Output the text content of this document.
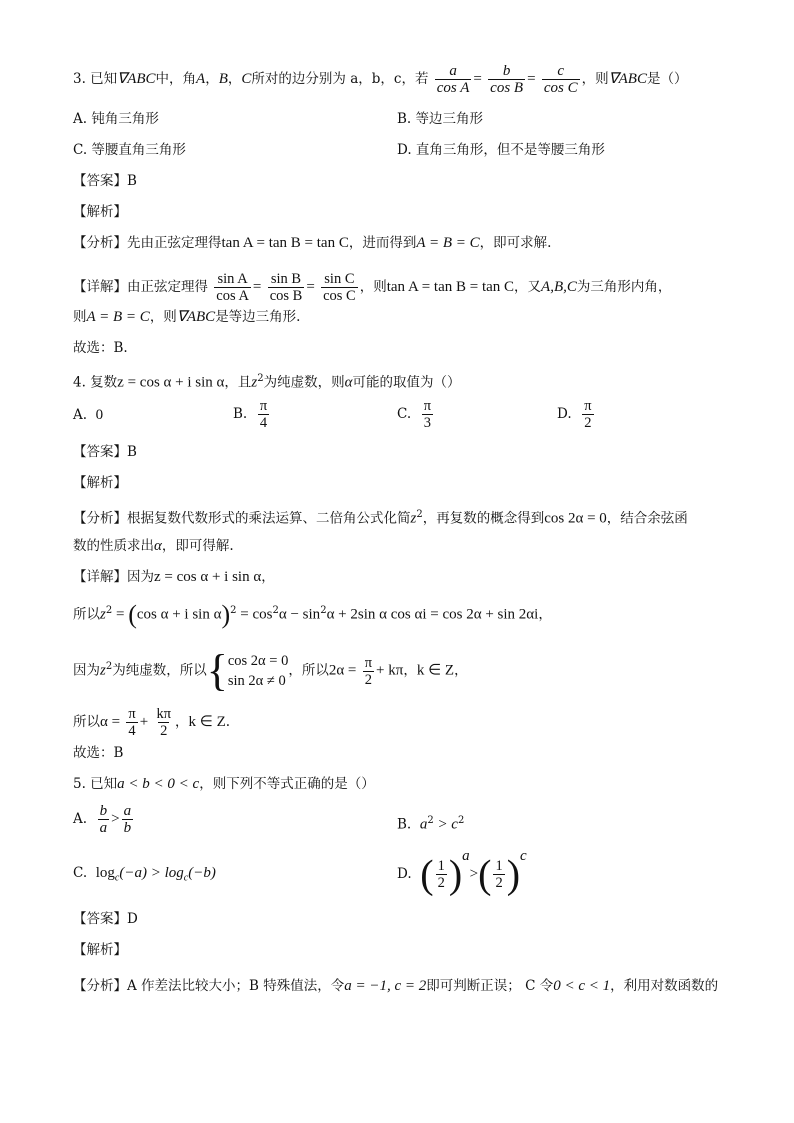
3. 已知∇ABC中，角A，B，C所对的边分别为 a，b，c，若 $\frac{a}{\text{cos A}} = \frac{b}{\text{cos B}} = \frac{c}{\text{cos C}}$ ，则∇ABC是（）
A. 钝角三角形	B. 等边三角形
C. 等腰直角三角形	D. 直角三角形，但不是等腰三角形
【答案】B
【解析】
【分析】先由正弦定理得tan A = tan B = tan C，进而得到A = B = C，即可求解.
【详解】由正弦定理得 $\frac{\text{sin A}}{\text{cos A}} = \frac{\text{sin B}}{\text{cos B}} = \frac{\text{sin C}}{\text{cos C}}$ ，则tan A = tan B = tan C，又A,B,C为三角形内角，
则A = B = C，则∇ABC是等边三角形.
故选：B.
4. 复数z = cos α + i sin α，且$z^2$为纯虚数，则α可能的取值为（）
A. 0	B. $\frac{\pi}{4}$	C. $\frac{\pi}{3}$	D. $\frac{\pi}{2}$
【答案】B
【解析】
【分析】根据复数代数形式的乘法运算、二倍角公式化简$z^2$，再复数的概念得到cos 2α = 0，结合余弦函
数的性质求出α，即可得解.
【详解】因为z = cos α + i sin α，
所以$z^2 = (\cos$ α + i $\sin \alpha)^2 = \cos^2\alpha - \sin^2\alpha + 2\sin$ α cos αi = cos 2α + sin 2αi，
因为$z^2$为纯虚数，所以{ cos 2α = 0
sin 2α ≠ 0
，所以$2\alpha = \frac{\pi}{2} + k\pi$，k ∈ Z，
所以$\alpha = \frac{\pi}{4} + \frac{k\pi}{2}$ ，k ∈ Z.
故选：B
5. 已知a < b < 0 < c，则下列不等式正确的是（）
A. $\frac{b}{a} > \frac{a}{b}$	B. $a^2 > c^2$
C. $\log_c(-a) > \log_c(-b)$	D. ( $\frac{1}{2} )^a>( \frac{1}{2} )^c$
【答案】D
【解析】
【分析】A 作差法比较大小；B 特殊值法，令a = −1, c = 2即可判断正误； C 令0 < c < 1，利用对数函数的
